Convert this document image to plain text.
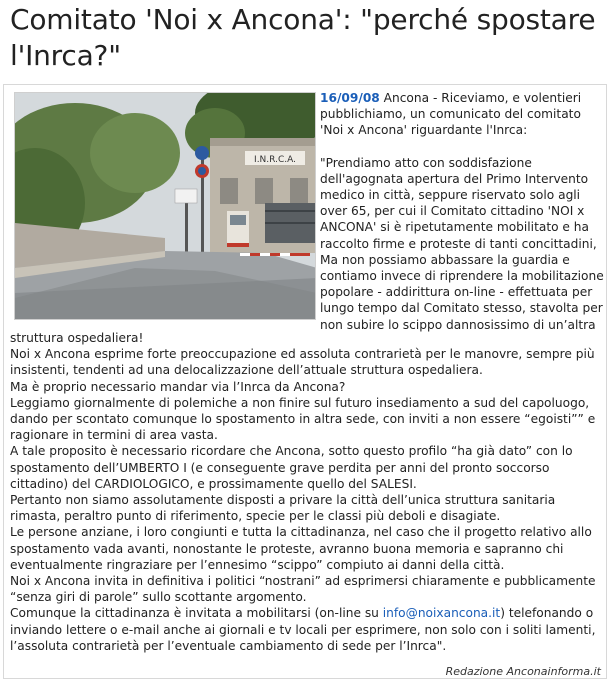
Comitato 'Noi x Ancona': "perché spostare l'Inrca?"
I.N.R.C.A.

16/09/08 Ancona - Riceviamo, e volentieri pubblichiamo, un comunicato del comitato 'Noi x Ancona' riguardante l'Inrca:

"Prendiamo atto con soddisfazione dell'agognata apertura del Primo Intervento medico in città, seppure riservato solo agli over 65, per cui il Comitato cittadino 'NOI x ANCONA' si è ripetutamente mobilitato e ha raccolto firme e proteste di tanti concittadini, Ma non possiamo abbassare la guardia e contiamo invece di riprendere la mobilitazione popolare - addirittura on-line - effettuata per lungo tempo dal Comitato stesso, stavolta per non subire lo scippo dannosissimo di un’altra

struttura ospedaliera!

Noi x Ancona esprime forte preoccupazione ed assoluta contrarietà per le manovre, sempre più insistenti, tendenti ad una delocalizzazione dell’attuale struttura ospedaliera.

Ma è proprio necessario mandar via l’Inrca da Ancona?

Leggiamo giornalmente di polemiche a non finire sul futuro insediamento a sud del capoluogo, dando per scontato comunque lo spostamento in altra sede, con inviti a non essere “egoisti”” e ragionare in termini di area vasta.

A tale proposito è necessario ricordare che Ancona, sotto questo profilo “ha già dato” con lo spostamento dell’UMBERTO I (e conseguente grave perdita per anni del pronto soccorso cittadino) del CARDIOLOGICO, e prossimamente quello del SALESI.

Pertanto non siamo assolutamente disposti a privare la città dell’unica struttura sanitaria rimasta, peraltro punto di riferimento, specie per le classi più deboli e disagiate.

Le persone anziane, i loro congiunti e tutta la cittadinanza, nel caso che il progetto relativo allo spostamento vada avanti, nonostante le proteste, avranno buona memoria e sapranno chi eventualmente ringraziare per l’ennesimo “scippo” compiuto ai danni della città.

Noi x Ancona invita in definitiva i politici “nostrani” ad esprimersi chiaramente e pubblicamente “senza giri di parole” sullo scottante argomento.

Comunque la cittadinanza è invitata a mobilitarsi (on-line su info@noixancona.it) telefonando o inviando lettere o e-mail anche ai giornali e tv locali per esprimere, non solo con i soliti lamenti, l’assoluta contrarietà per l’eventuale cambiamento di sede per l’Inrca".

Redazione Anconainforma.it
